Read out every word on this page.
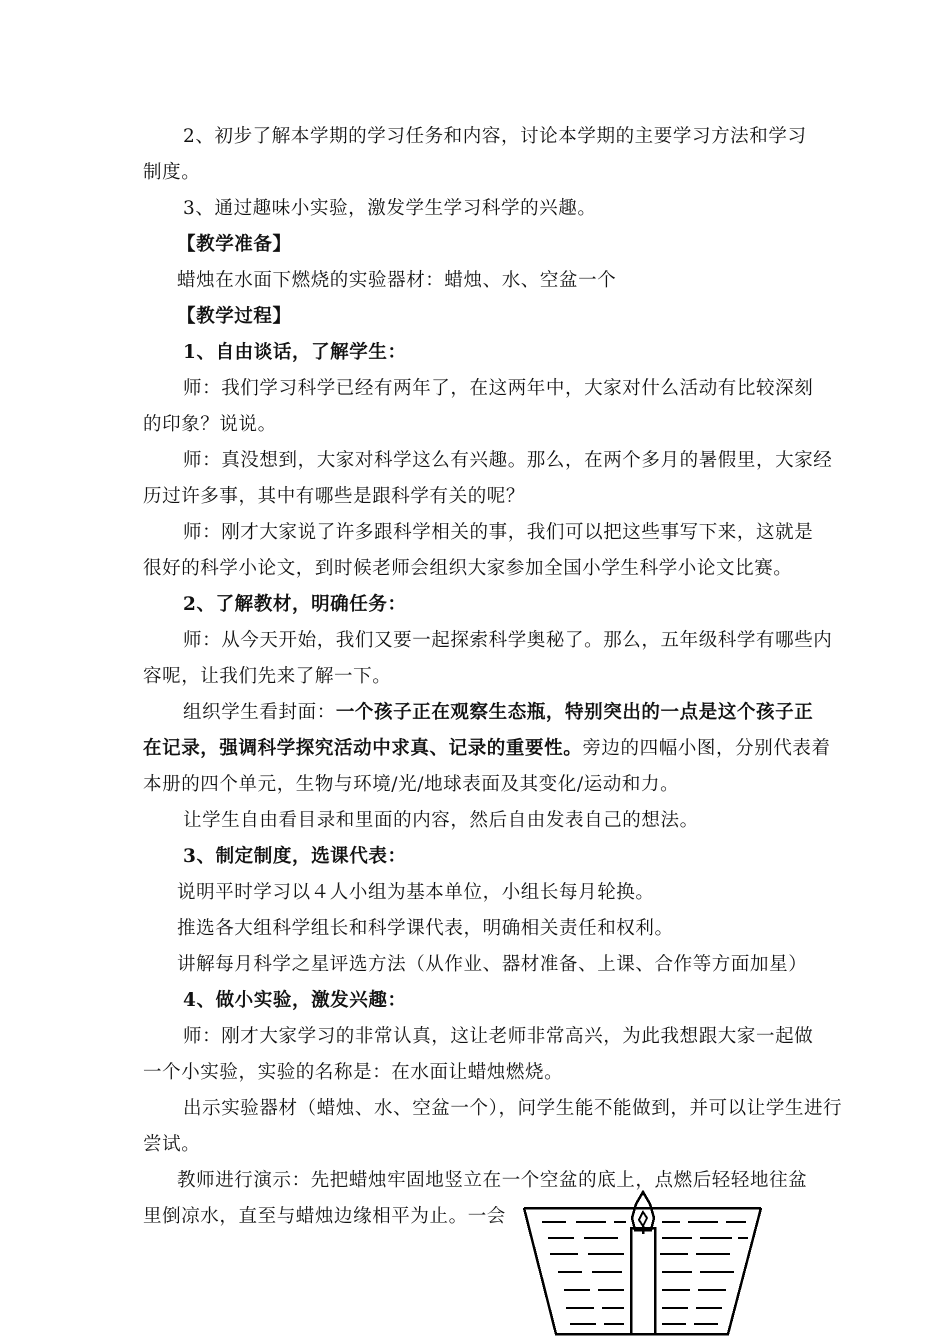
2、初步了解本学期的学习任务和内容，讨论本学期的主要学习方法和学习
制度。
3、通过趣味小实验，激发学生学习科学的兴趣。
【教学准备】
蜡烛在水面下燃烧的实验器材：蜡烛、水、空盆一个
【教学过程】
1、自由谈话，了解学生：
师：我们学习科学已经有两年了，在这两年中，大家对什么活动有比较深刻
的印象？说说。
师：真没想到，大家对科学这么有兴趣。那么，在两个多月的暑假里，大家经
历过许多事，其中有哪些是跟科学有关的呢？
师：刚才大家说了许多跟科学相关的事，我们可以把这些事写下来，这就是
很好的科学小论文，到时候老师会组织大家参加全国小学生科学小论文比赛。
2、了解教材，明确任务：
师：从今天开始，我们又要一起探索科学奥秘了。那么，五年级科学有哪些内
容呢，让我们先来了解一下。
组织学生看封面：一个孩子正在观察生态瓶，特别突出的一点是这个孩子正
在记录，强调科学探究活动中求真、记录的重要性。旁边的四幅小图，分别代表着
本册的四个单元，生物与环境/光/地球表面及其变化/运动和力。
让学生自由看目录和里面的内容，然后自由发表自己的想法。
3、制定制度，选课代表：
说明平时学习以４人小组为基本单位，小组长每月轮换。
推选各大组科学组长和科学课代表，明确相关责任和权利。
讲解每月科学之星评选方法（从作业、器材准备、上课、合作等方面加星）
4、做小实验，激发兴趣：
师：刚才大家学习的非常认真，这让老师非常高兴，为此我想跟大家一起做
一个小实验，实验的名称是：在水面让蜡烛燃烧。
出示实验器材（蜡烛、水、空盆一个），问学生能不能做到，并可以让学生进行
尝试。
教师进行演示：先把蜡烛牢固地竖立在一个空盆的底上，点燃后轻轻地往盆
里倒凉水，直至与蜡烛边缘相平为止。一会
